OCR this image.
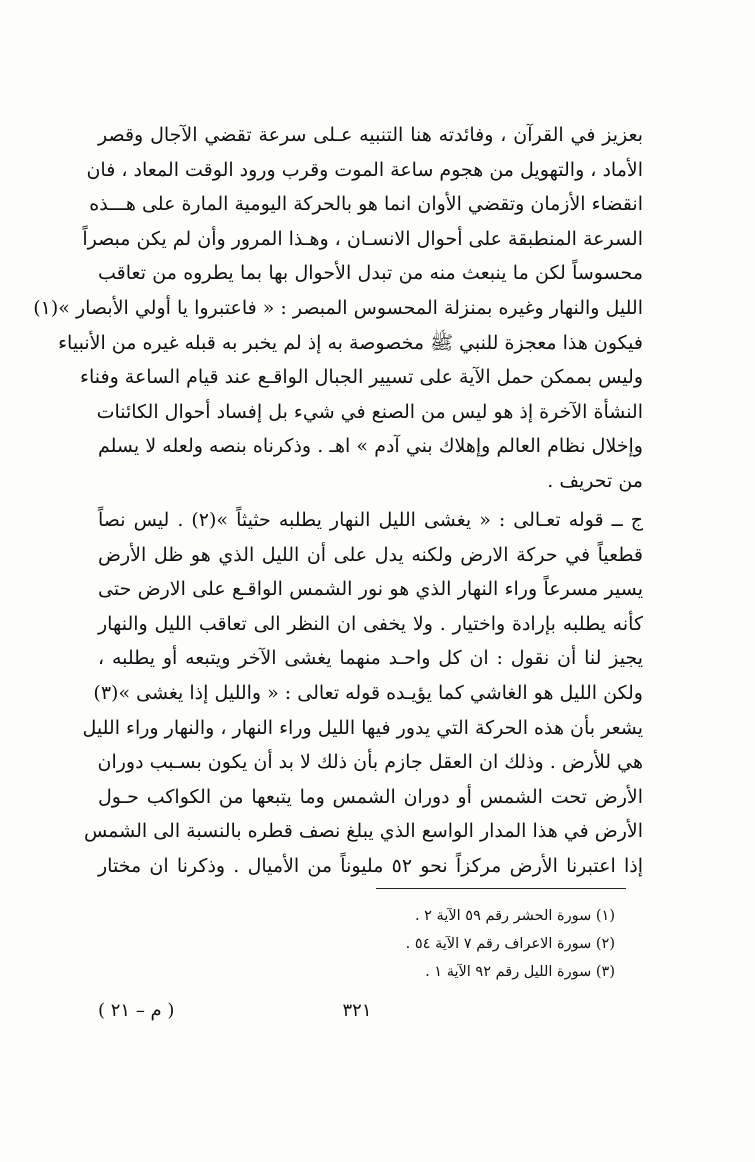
بعزيز في القرآن ، وفائدته هنا التنبيه عـلى سرعة تقضي الآجال وقصر
الأماد ، والتهويل من هجوم ساعة الموت وقرب ورود الوقت المعاد ، فان
انقضاء الأزمان وتقضي الأوان انما هو بالحركة اليومية المارة على هـــذه
السرعة المنطبقة على أحوال الانسـان ، وهـذا المرور وأن لم يكن مبصراً
محسوساً لكن ما ينبعث منه من تبدل الأحوال بها بما يطروه من تعاقب
الليل والنهار وغيره بمنزلة المحسوس المبصر : « فاعتبروا يا أولي الأبصار »(١)
فيكون هذا معجزة للنبي ﷺ مخصوصة به إذ لم يخبر به قبله غيره من الأنبياء
وليس بممكن حمل الآية على تسيير الجبال الواقـع عند قيام الساعة وفناء
النشأة الآخرة إذ هو ليس من الصنع في شيء بل إفساد أحوال الكائنات
وإخلال نظام العالم وإهلاك بني آدم » اهـ . وذكرناه بنصه ولعله لا يسلم
من تحريف .
ج ــ قوله تعـالى : « يغشى الليل النهار يطلبه حثيثاً »(٢) . ليس نصاً
قطعياً في حركة الارض ولكنه يدل على أن الليل الذي هو ظل الأرض
يسير مسرعاً وراء النهار الذي هو نور الشمس الواقـع على الارض حتى
كأنه يطلبه بإرادة واختيار . ولا يخفى ان النظر الى تعاقب الليل والنهار
يجيز لنا أن نقول : ان كل واحـد منهما يغشى الآخر ويتبعه أو يطلبه ،
ولكن الليل هو الغاشي كما يؤيـده قوله تعالى : « والليل إذا يغشى »(٣)
يشعر بأن هذه الحركة التي يدور فيها الليل وراء النهار ، والنهار وراء الليل
هي للأرض . وذلك ان العقل جازم بأن ذلك لا بد أن يكون بسـبب دوران
الأرض تحت الشمس أو دوران الشمس وما يتبعها من الكواكب حـول
الأرض في هذا المدار الواسع الذي يبلغ نصف قطره بالنسبة الى الشمس
إذا اعتبرنا الأرض مركزاً نحو ٥٢ مليوناً من الأميال . وذكرنا ان مختار
(١) سورة الحشر رقم ٥٩ الآية ٢ .
(٢) سورة الاعراف رقم ٧ الآية ٥٤ .
(٣) سورة الليل رقم ٩٢ الآية ١ .
٣٢١
( م – ٢١ )
